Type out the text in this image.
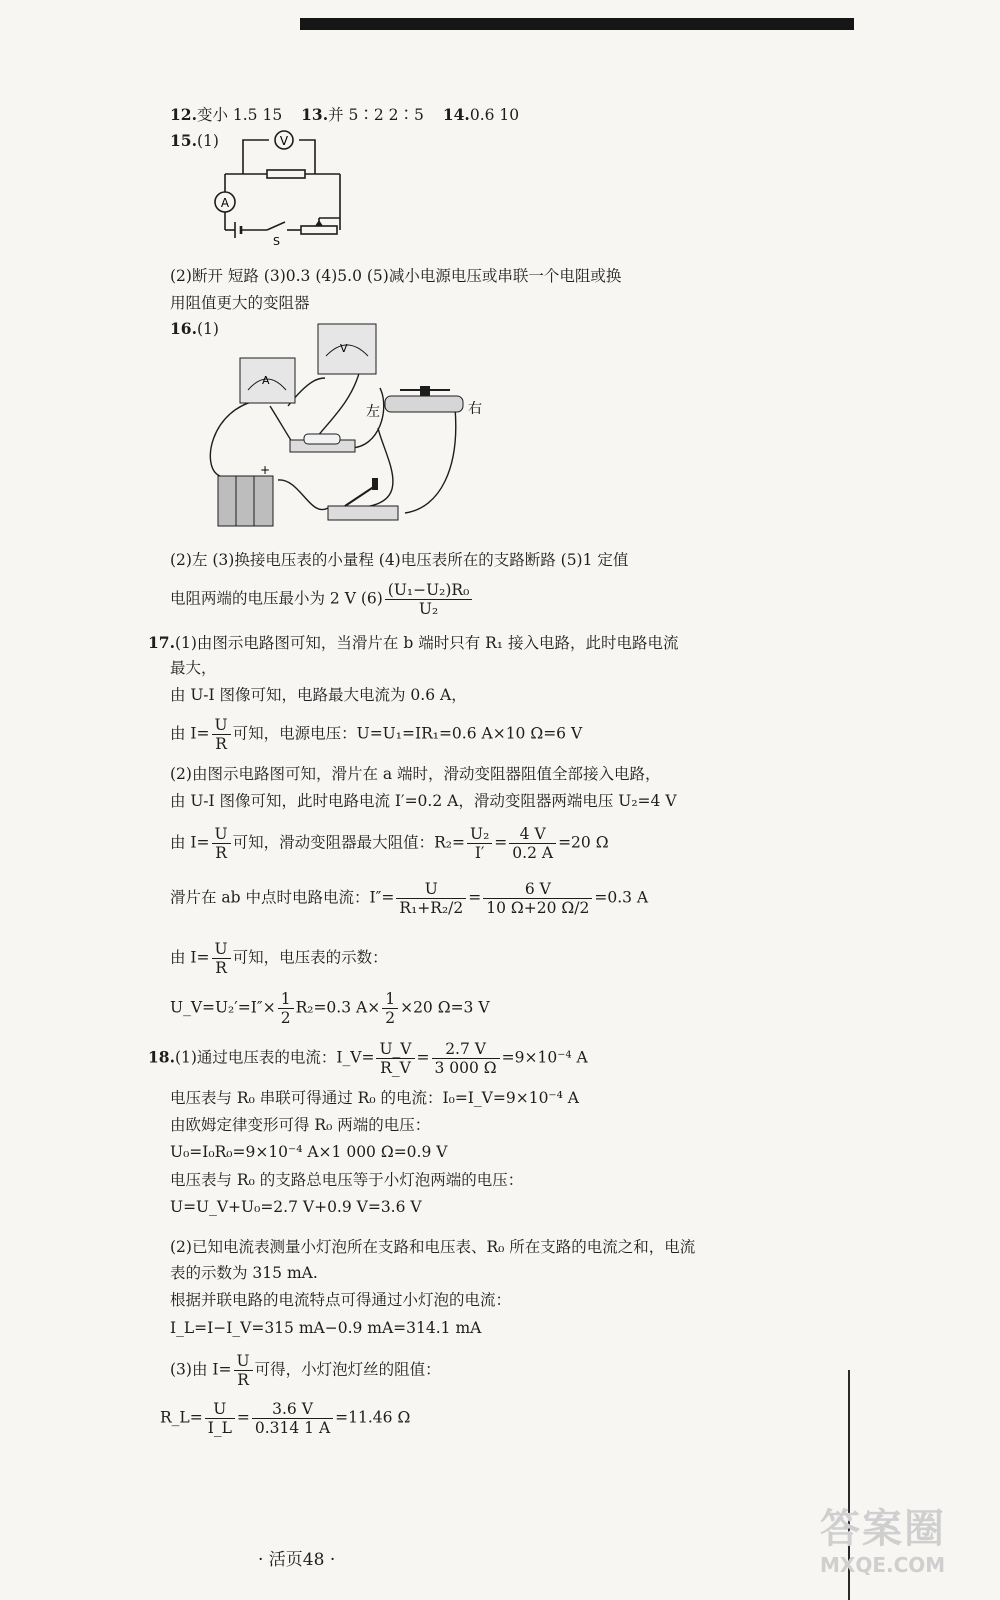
12.变小 1.5 15 13.并 5∶2 2∶5 14.0.6 10
15.(1)	V
A
S
(2)断开 短路 (3)0.3 (4)5.0 (5)减小电源电压或串联一个电阻或换
用阻值更大的变阻器
16.(1)
A
V
左	右
+
(2)左 (3)换接电压表的小量程 (4)电压表所在的支路断路 (5)1 定值
电阻两端的电压最小为 2 V $(6) \frac{\text{(U₁−U₂)R₀}}{\text{U₂}}$
17.(1)由图示电路图可知，当滑片在 b 端时只有 R₁ 接入电路，此时电路电流
最大，
由 U-I 图像可知，电路最大电流为 0.6 A，
由 $I= \frac{U}{R}$ 可知，电源电压：U=U₁=IR₁=0.6 A×10 Ω=6 V
(2)由图示电路图可知，滑片在 a 端时，滑动变阻器阻值全部接入电路，
由 U-I 图像可知，此时电路电流 I′=0.2 A，滑动变阻器两端电压 U₂=4 V
由 $I= \frac{U}{R}$ 可知，滑动变阻器最大阻值：$R_2= \frac{\text{U₂}}{I'} = \frac{4 V}{0.2 A} =20$ Ω
滑片在 ab 中点时电路电流：$I''= \frac{U}{\text{R₁+R₂/2}} = \frac{6 V}{10 \Omega+20 \Omega/2} =0.3$ A
由 $I= \frac{U}{R}$ 可知，电压表的示数：
U_V=U₂′=I″× $\frac{1}{2} R_2=0.3$ $A\times \frac{1}{2} \times 20$ Ω=3 V
18.(1)通过电压表的电流：I_V= $\frac{U\_V}{R\_V} = \frac{2.7 V}{3 000 \Omega} =9\times 10^{-4}$ A
电压表与 R₀ 串联可得通过 R₀ 的电流：I₀=I_V=9×10⁻⁴ A
由欧姆定律变形可得 R₀ 两端的电压：
U₀=I₀R₀=9×10⁻⁴ A×1 000 Ω=0.9 V
电压表与 R₀ 的支路总电压等于小灯泡两端的电压：
U=U_V+U₀=2.7 V+0.9 V=3.6 V
(2)已知电流表测量小灯泡所在支路和电压表、R₀ 所在支路的电流之和，电流
表的示数为 315 mA.
根据并联电路的电流特点可得通过小灯泡的电流：
I_L=I−I_V=315 mA−0.9 mA=314.1 mA
(3)由 $I= \frac{U}{R}$ 可得，小灯泡灯丝的阻值：
R_L= $\frac{U}{I\_L} = \frac{3.6 V}{0.314 1 A} =11.46$ Ω
· 活页48 ·
答案圈
MXQE.COM
